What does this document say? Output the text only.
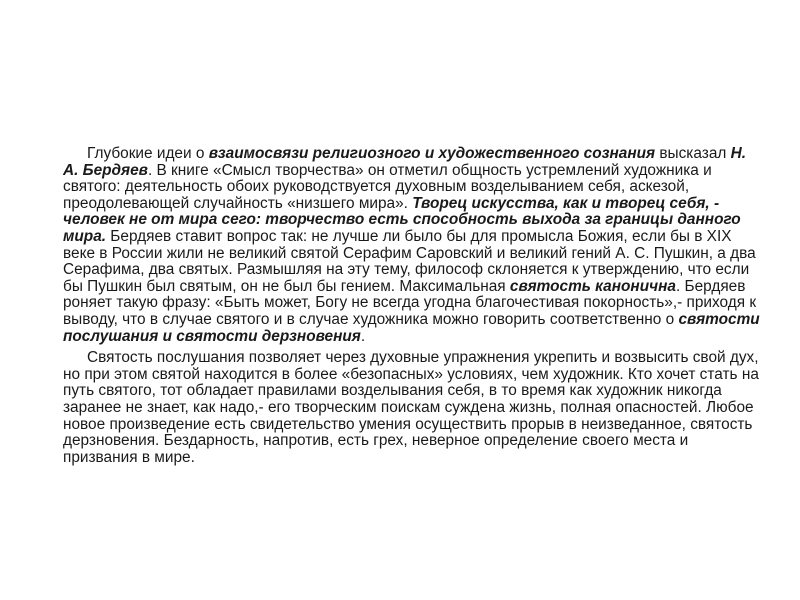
Глубокие идеи о взаимосвязи религиозного и художественного сознания высказал Н. А. Бердяев. В книге «Смысл творчества» он отметил общность устремлений художника и святого: деятельность обоих руководствуется духовным возделыванием себя, аскезой, преодолевающей случайность «низшего мира». Творец искусства, как и творец себя, - человек не от мира сего: творчество есть способность выхода за границы данного мира. Бердяев ставит вопрос так: не лучше ли было бы для промысла Божия, если бы в XIX веке в России жили не великий святой Серафим Саровский и великий гений А. С. Пушкин, а два Серафима, два святых. Размышляя на эту тему, философ склоняется к утверждению, что если бы Пушкин был святым, он не был бы гением. Максимальная святость канонична. Бердяев роняет такую фразу: «Быть может, Богу не всегда угодна благочестивая покорность»,- приходя к выводу, что в случае святого и в случае художника можно говорить соответственно о святости послушания и святости дерзновения.

Святость послушания позволяет через духовные упражнения укрепить и возвысить свой дух, но при этом святой находится в более «безопасных» условиях, чем художник. Кто хочет стать на путь святого, тот обладает правилами возделывания себя, в то время как художник никогда заранее не знает, как надо,- его творческим поискам суждена жизнь, полная опасностей. Любое новое произведение есть свидетельство умения осуществить прорыв в неизведанное, святость дерзновения. Бездарность, напротив, есть грех, неверное определение своего места и призвания в мире.
